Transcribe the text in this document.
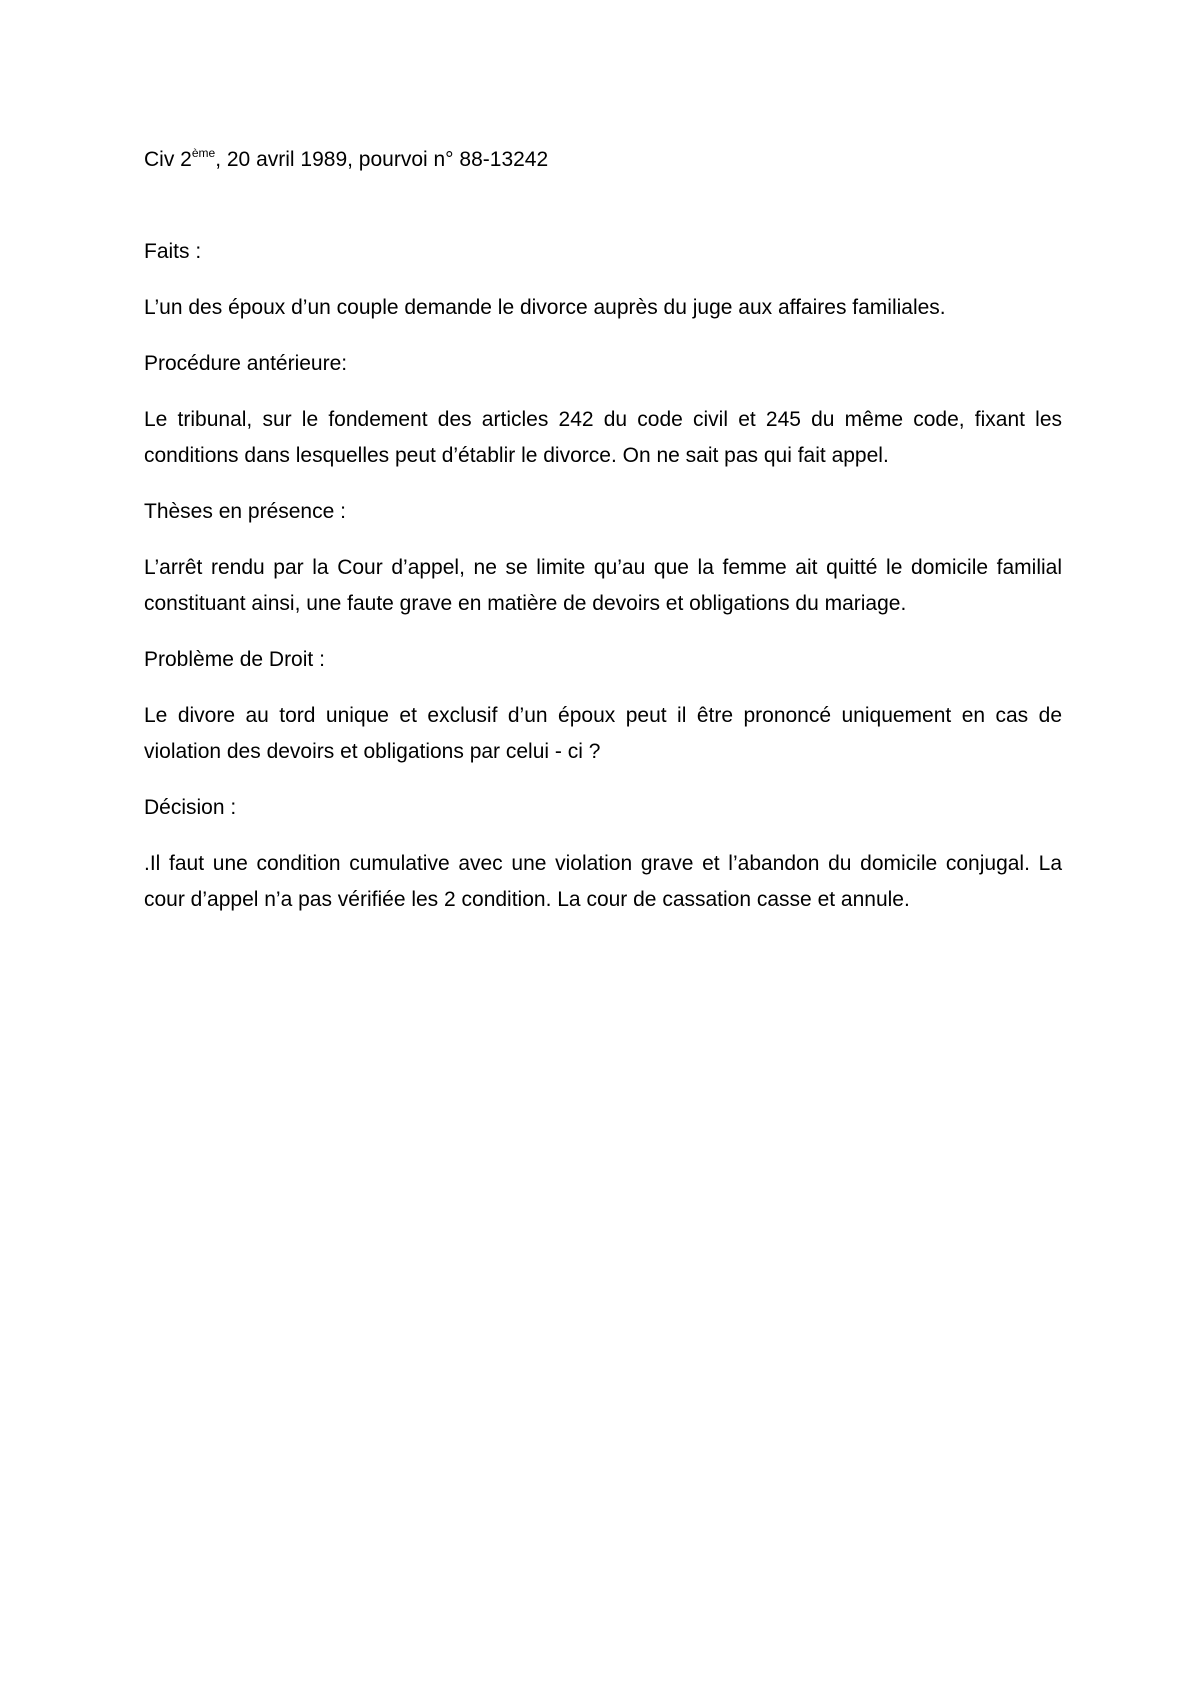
Civ 2ème, 20 avril 1989, pourvoi n° 88-13242

Faits :

L’un des époux d’un couple demande le divorce auprès du juge aux affaires familiales.

Procédure antérieure:

Le tribunal, sur le fondement des articles 242 du code civil et 245 du même code, fixant les conditions dans lesquelles peut d’établir le divorce. On ne sait pas qui fait appel.

Thèses en présence :

L’arrêt rendu par la Cour d’appel, ne se limite qu’au que la femme ait quitté le domicile familial constituant ainsi, une faute grave en matière de devoirs et obligations du mariage.

Problème de Droit :

Le divore au tord unique et exclusif d’un époux peut il être prononcé uniquement en cas de violation des devoirs et obligations par celui - ci ?

Décision :

.Il faut une condition cumulative avec une violation grave et l’abandon du domicile conjugal. La cour d’appel n’a pas vérifiée les 2 condition. La cour de cassation casse et annule.
